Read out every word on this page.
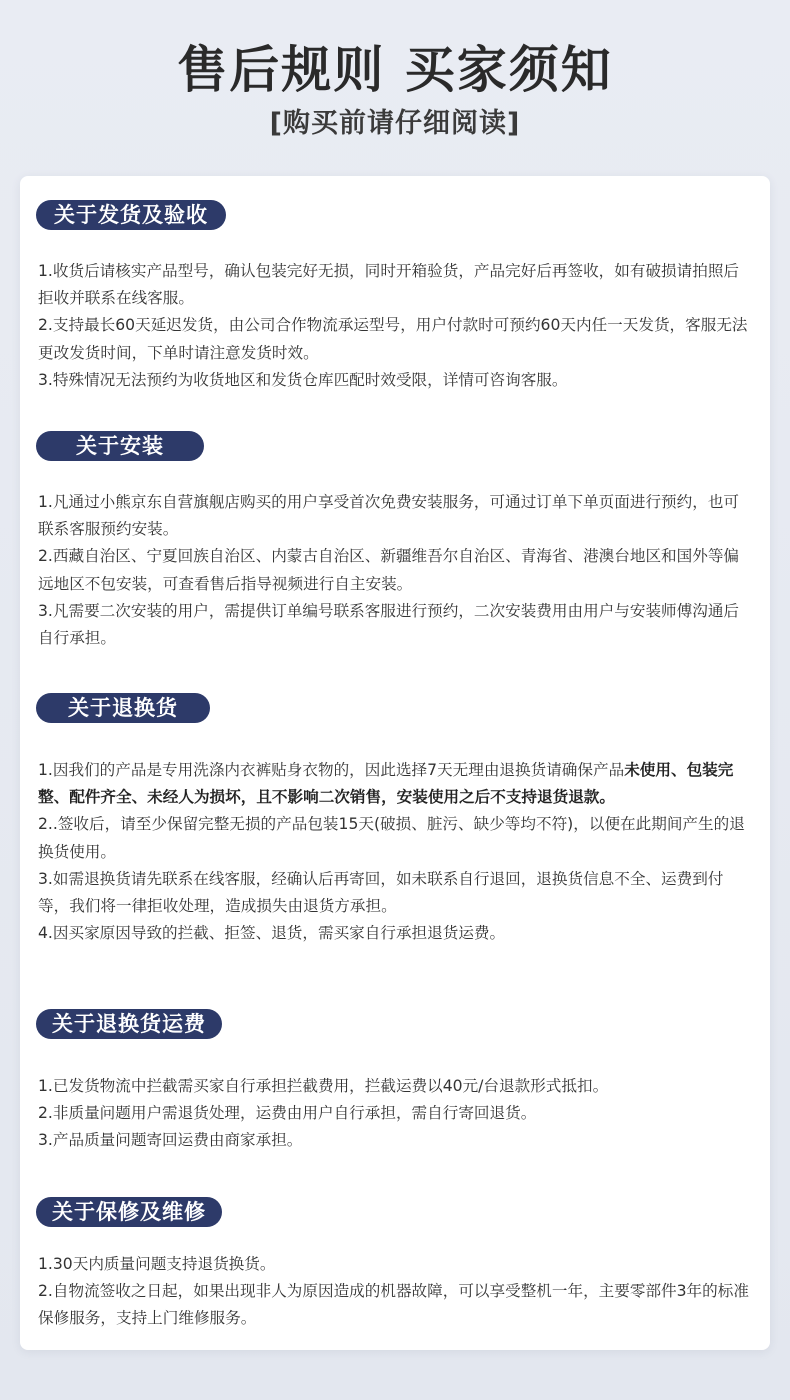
售后规则 买家须知
[购买前请仔细阅读]
关于发货及验收

1.收货后请核实产品型号，确认包装完好无损，同时开箱验货，产品完好后再签收，如有破损请拍照后拒收并联系在线客服。

2.支持最长60天延迟发货，由公司合作物流承运型号，用户付款时可预约60天内任一天发货，客服无法更改发货时间，下单时请注意发货时效。

3.特殊情况无法预约为收货地区和发货仓库匹配时效受限，详情可咨询客服。

关于安装

1.凡通过小熊京东自营旗舰店购买的用户享受首次免费安装服务，可通过订单下单页面进行预约，也可联系客服预约安装。

2.西藏自治区、宁夏回族自治区、内蒙古自治区、新疆维吾尔自治区、青海省、港澳台地区和国外等偏远地区不包安装，可查看售后指导视频进行自主安装。

3.凡需要二次安装的用户，需提供订单编号联系客服进行预约，二次安装费用由用户与安装师傅沟通后自行承担。

关于退换货

1.因我们的产品是专用洗涤内衣裤贴身衣物的，因此选择7天无理由退换货请确保产品未使用、包装完整、配件齐全、未经人为损坏，且不影响二次销售，安装使用之后不支持退货退款。

2..签收后，请至少保留完整无损的产品包装15天(破损、脏污、缺少等均不符)，以便在此期间产生的退换货使用。

3.如需退换货请先联系在线客服，经确认后再寄回，如未联系自行退回，退换货信息不全、运费到付等，我们将一律拒收处理，造成损失由退货方承担。

4.因买家原因导致的拦截、拒签、退货，需买家自行承担退货运费。

关于退换货运费

1.已发货物流中拦截需买家自行承担拦截费用，拦截运费以40元/台退款形式抵扣。

2.非质量问题用户需退货处理，运费由用户自行承担，需自行寄回退货。

3.产品质量问题寄回运费由商家承担。

关于保修及维修

1.30天内质量问题支持退货换货。

2.自物流签收之日起，如果出现非人为原因造成的机器故障，可以享受整机一年，主要零部件3年的标准保修服务，支持上门维修服务。
